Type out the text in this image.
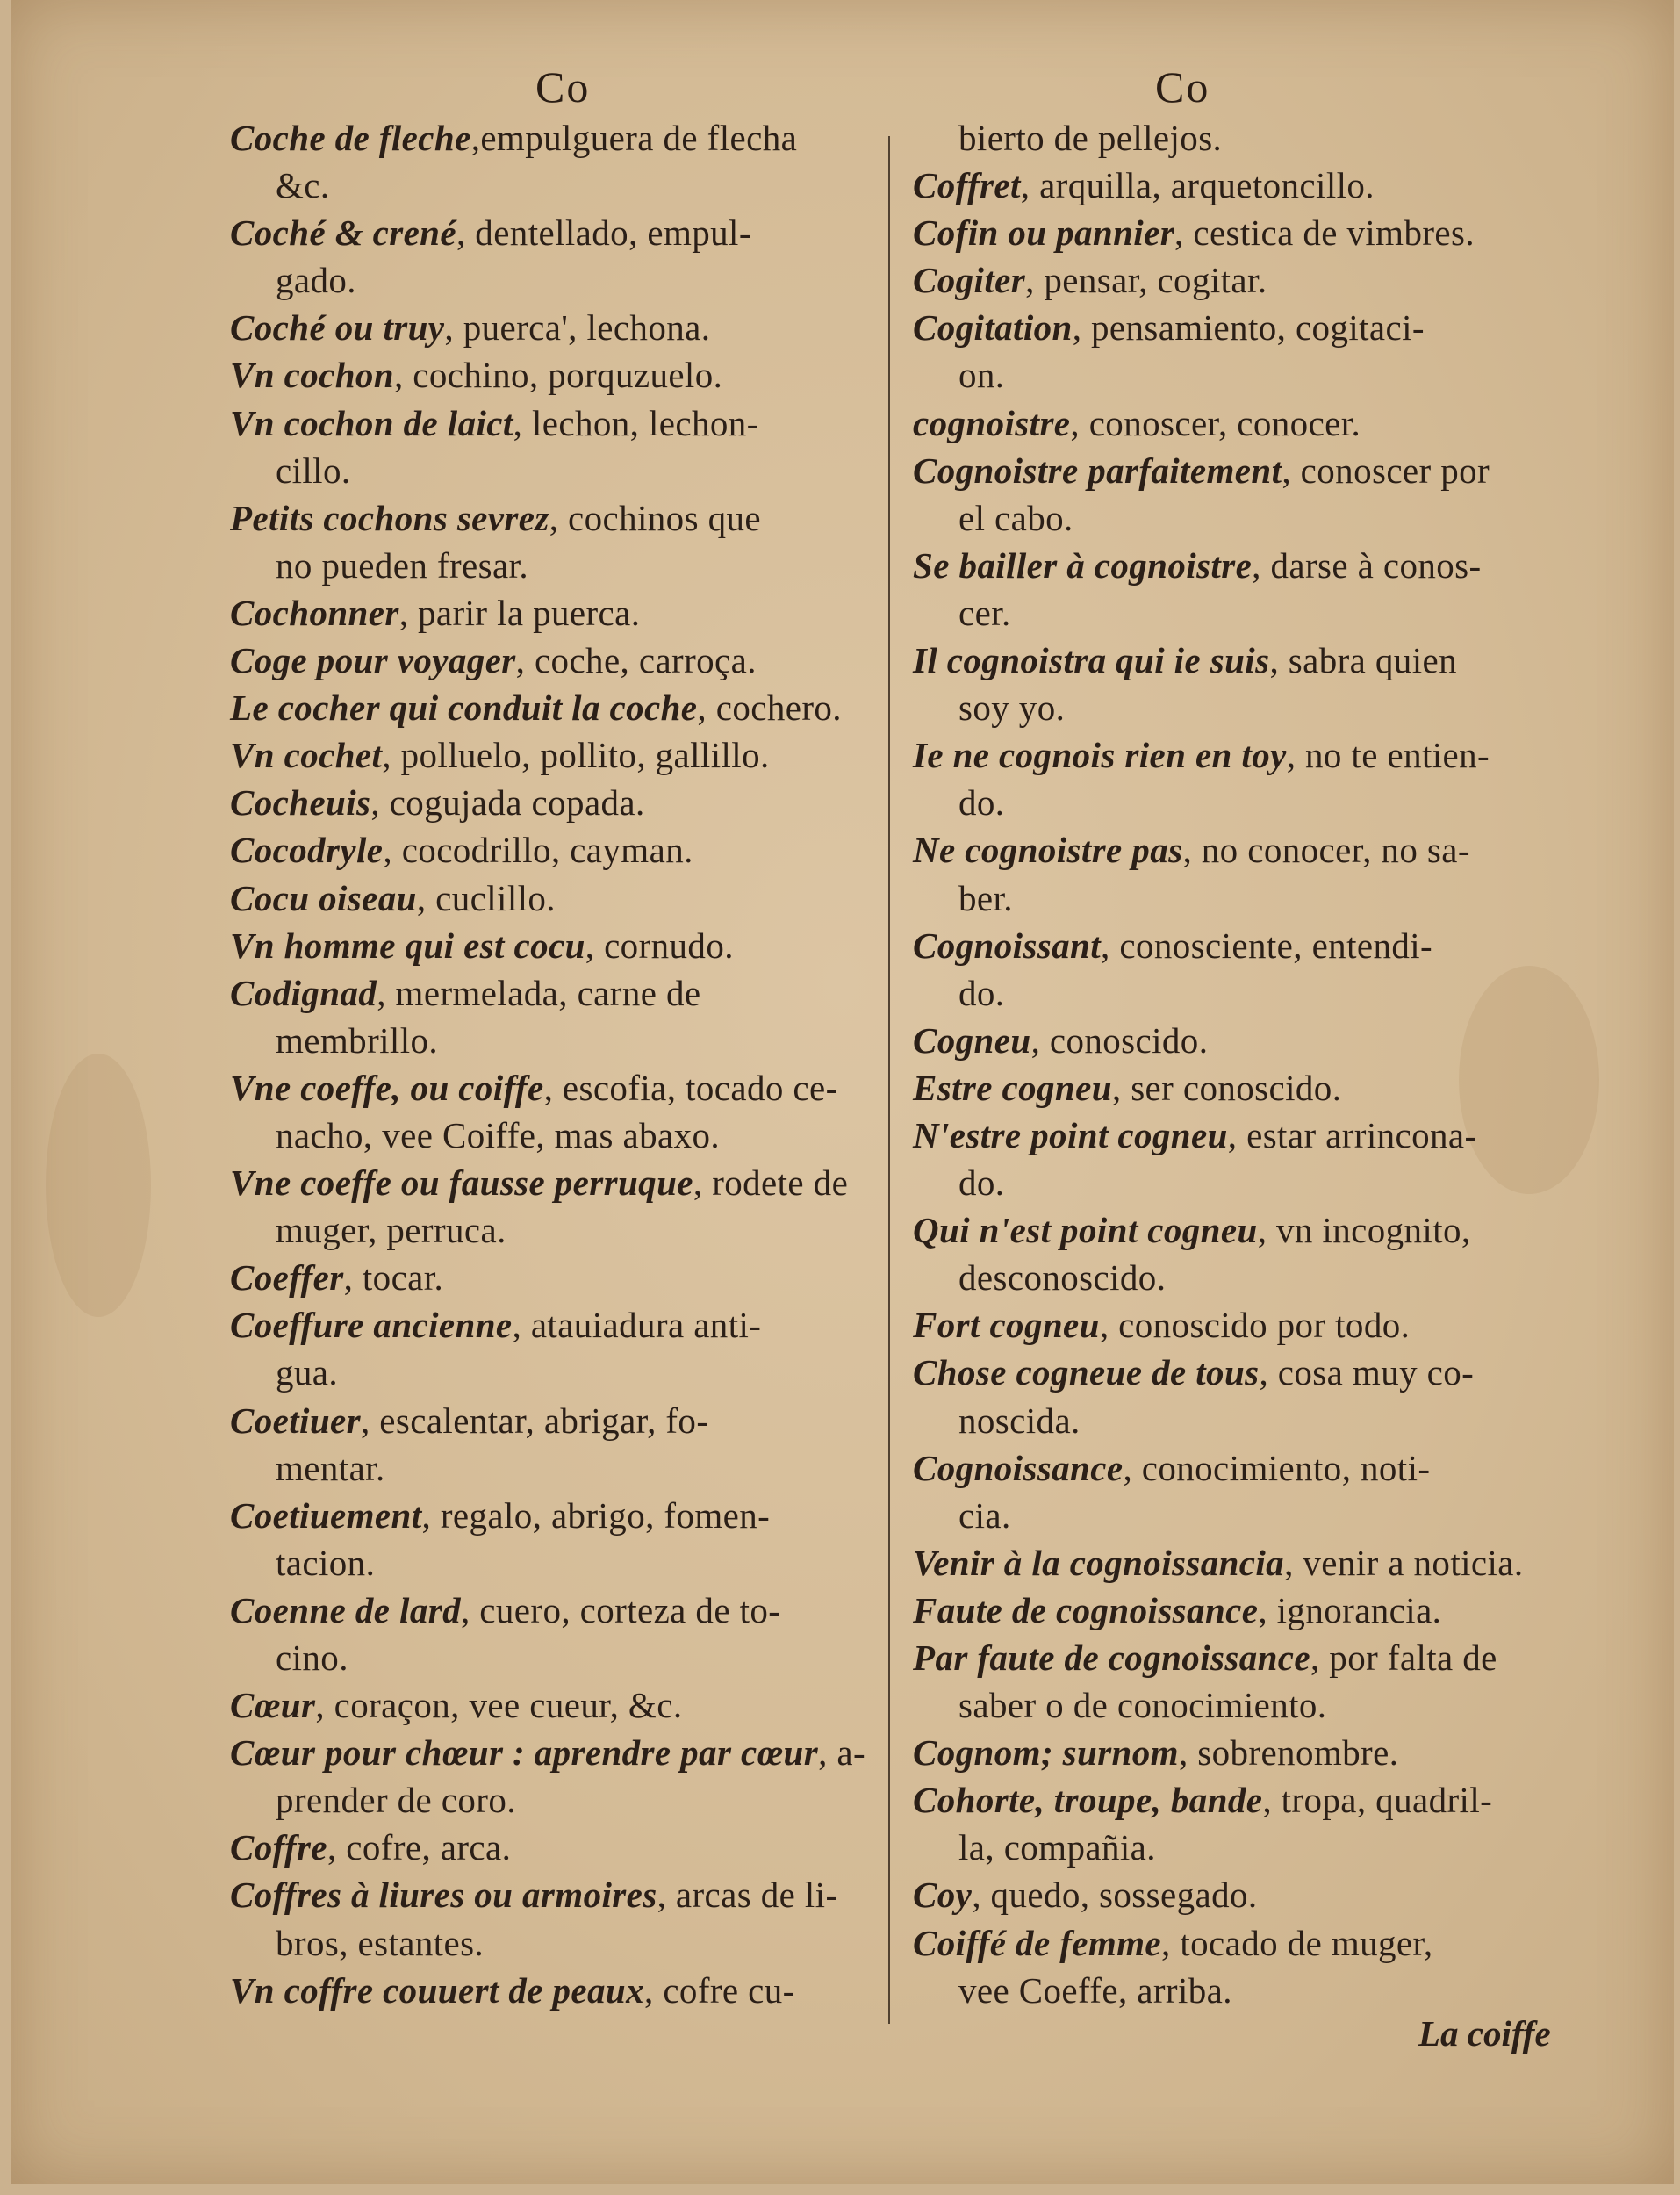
Co
Coche de fleche,empulguera de flecha
&c.
Coché & crené, dentellado, empul-
gado.
Coché ou truy, puerca', lechona.
Vn cochon, cochino, porquzuelo.
Vn cochon de laict, lechon, lechon-
cillo.
Petits cochons sevrez, cochinos que
no pueden fresar.
Cochonner, parir la puerca.
Coge pour voyager, coche, carroça.
Le cocher qui conduit la coche, cochero.
Vn cochet, polluelo, pollito, gallillo.
Cocheuis, cogujada copada.
Cocodryle, cocodrillo, cayman.
Cocu oiseau, cuclillo.
Vn homme qui est cocu, cornudo.
Codignad, mermelada, carne de
membrillo.
Vne coeffe, ou coiffe, escofia, tocado ce-
nacho, vee Coiffe, mas abaxo.
Vne coeffe ou fausse perruque, rodete de
muger, perruca.
Coeffer, tocar.
Coeffure ancienne, atauiadura anti-
gua.
Coetiuer, escalentar, abrigar, fo-
mentar.
Coetiuement, regalo, abrigo, fomen-
tacion.
Coenne de lard, cuero, corteza de to-
cino.
Cœur, coraçon, vee cueur, &c.
Cœur pour chœur : aprendre par cœur, a-
prender de coro.
Coffre, cofre, arca.
Coffres à liures ou armoires, arcas de li-
bros, estantes.
Vn coffre couuert de peaux, cofre cu-
Co
bierto de pellejos.
Coffret, arquilla, arquetoncillo.
Cofin ou pannier, cestica de vimbres.
Cogiter, pensar, cogitar.
Cogitation, pensamiento, cogitaci-
on.
cognoistre, conoscer, conocer.
Cognoistre parfaitement, conoscer por
el cabo.
Se bailler à cognoistre, darse à conos-
cer.
Il cognoistra qui ie suis, sabra quien
soy yo.
Ie ne cognois rien en toy, no te entien-
do.
Ne cognoistre pas, no conocer, no sa-
ber.
Cognoissant, conosciente, entendi-
do.
Cogneu, conoscido.
Estre cogneu, ser conoscido.
N'estre point cogneu, estar arrincona-
do.
Qui n'est point cogneu, vn incognito,
desconoscido.
Fort cogneu, conoscido por todo.
Chose cogneue de tous, cosa muy co-
noscida.
Cognoissance, conocimiento, noti-
cia.
Venir à la cognoissancia, venir a noticia.
Faute de cognoissance, ignorancia.
Par faute de cognoissance, por falta de
saber o de conocimiento.
Cognom; surnom, sobrenombre.
Cohorte, troupe, bande, tropa, quadril-
la, compañia.
Coy, quedo, sossegado.
Coiffé de femme, tocado de muger,
vee Coeffe, arriba.
La coiffe
